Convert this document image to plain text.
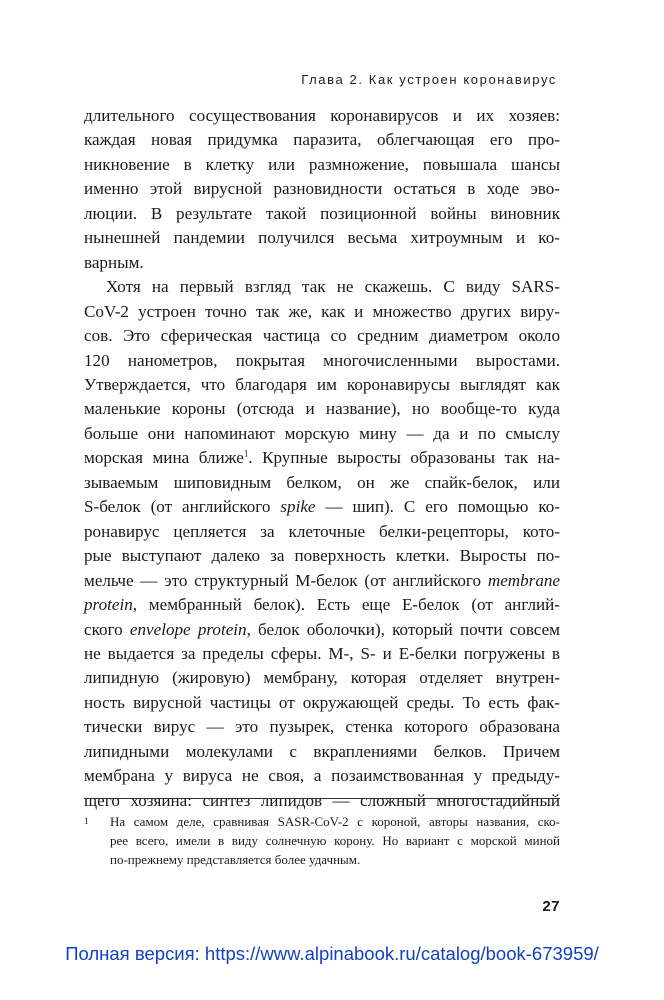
Глава 2. Как устроен коронавирус
длительного сосуществования коронавирусов и их хозяев:
каждая новая придумка паразита, облегчающая его про-
никновение в клетку или размножение, повышала шансы
именно этой вирусной разновидности остаться в ходе эво-
люции. В результате такой позиционной войны виновник
нынешней пандемии получился весьма хитроумным и ко-
варным.
Хотя на первый взгляд так не скажешь. С виду SARS-
CoV-2 устроен точно так же, как и множество других виру-
сов. Это сферическая частица со средним диаметром около
120 нанометров, покрытая многочисленными выростами.
Утверждается, что благодаря им коронавирусы выглядят как
маленькие короны (отсюда и название), но вообще-то куда
больше они напоминают морскую мину — да и по смыслу
морская мина ближе$^1$. Крупные выросты образованы так на-
зываемым шиповидным белком, он же спайк-белок, или
S-белок (от английского spike — шип). С его помощью ко-
ронавирус цепляется за клеточные белки-рецепторы, кото-
рые выступают далеко за поверхность клетки. Выросты по-
мельче — это структурный M-белок (от английского membrane
protein, мембранный белок). Есть еще E-белок (от англий-
ского envelope protein, белок оболочки), который почти совсем
не выдается за пределы сферы. M-, S- и E-белки погружены в
липидную (жировую) мембрану, которая отделяет внутрен-
ность вирусной частицы от окружающей среды. То есть фак-
тически вирус — это пузырек, стенка которого образована
липидными молекулами с вкраплениями белков. Причем
мембрана у вируса не своя, а позаимствованная у предыду-
щего хозяина: синтез липидов — сложный многостадийный
1 На самом деле, сравнивая SASR-CoV-2 с короной, авторы названия, ско-
рее всего, имели в виду солнечную корону. Но вариант с морской миной
по-прежнему представляется более удачным.
27
Полная версия: https://www.alpinabook.ru/catalog/book-673959/
